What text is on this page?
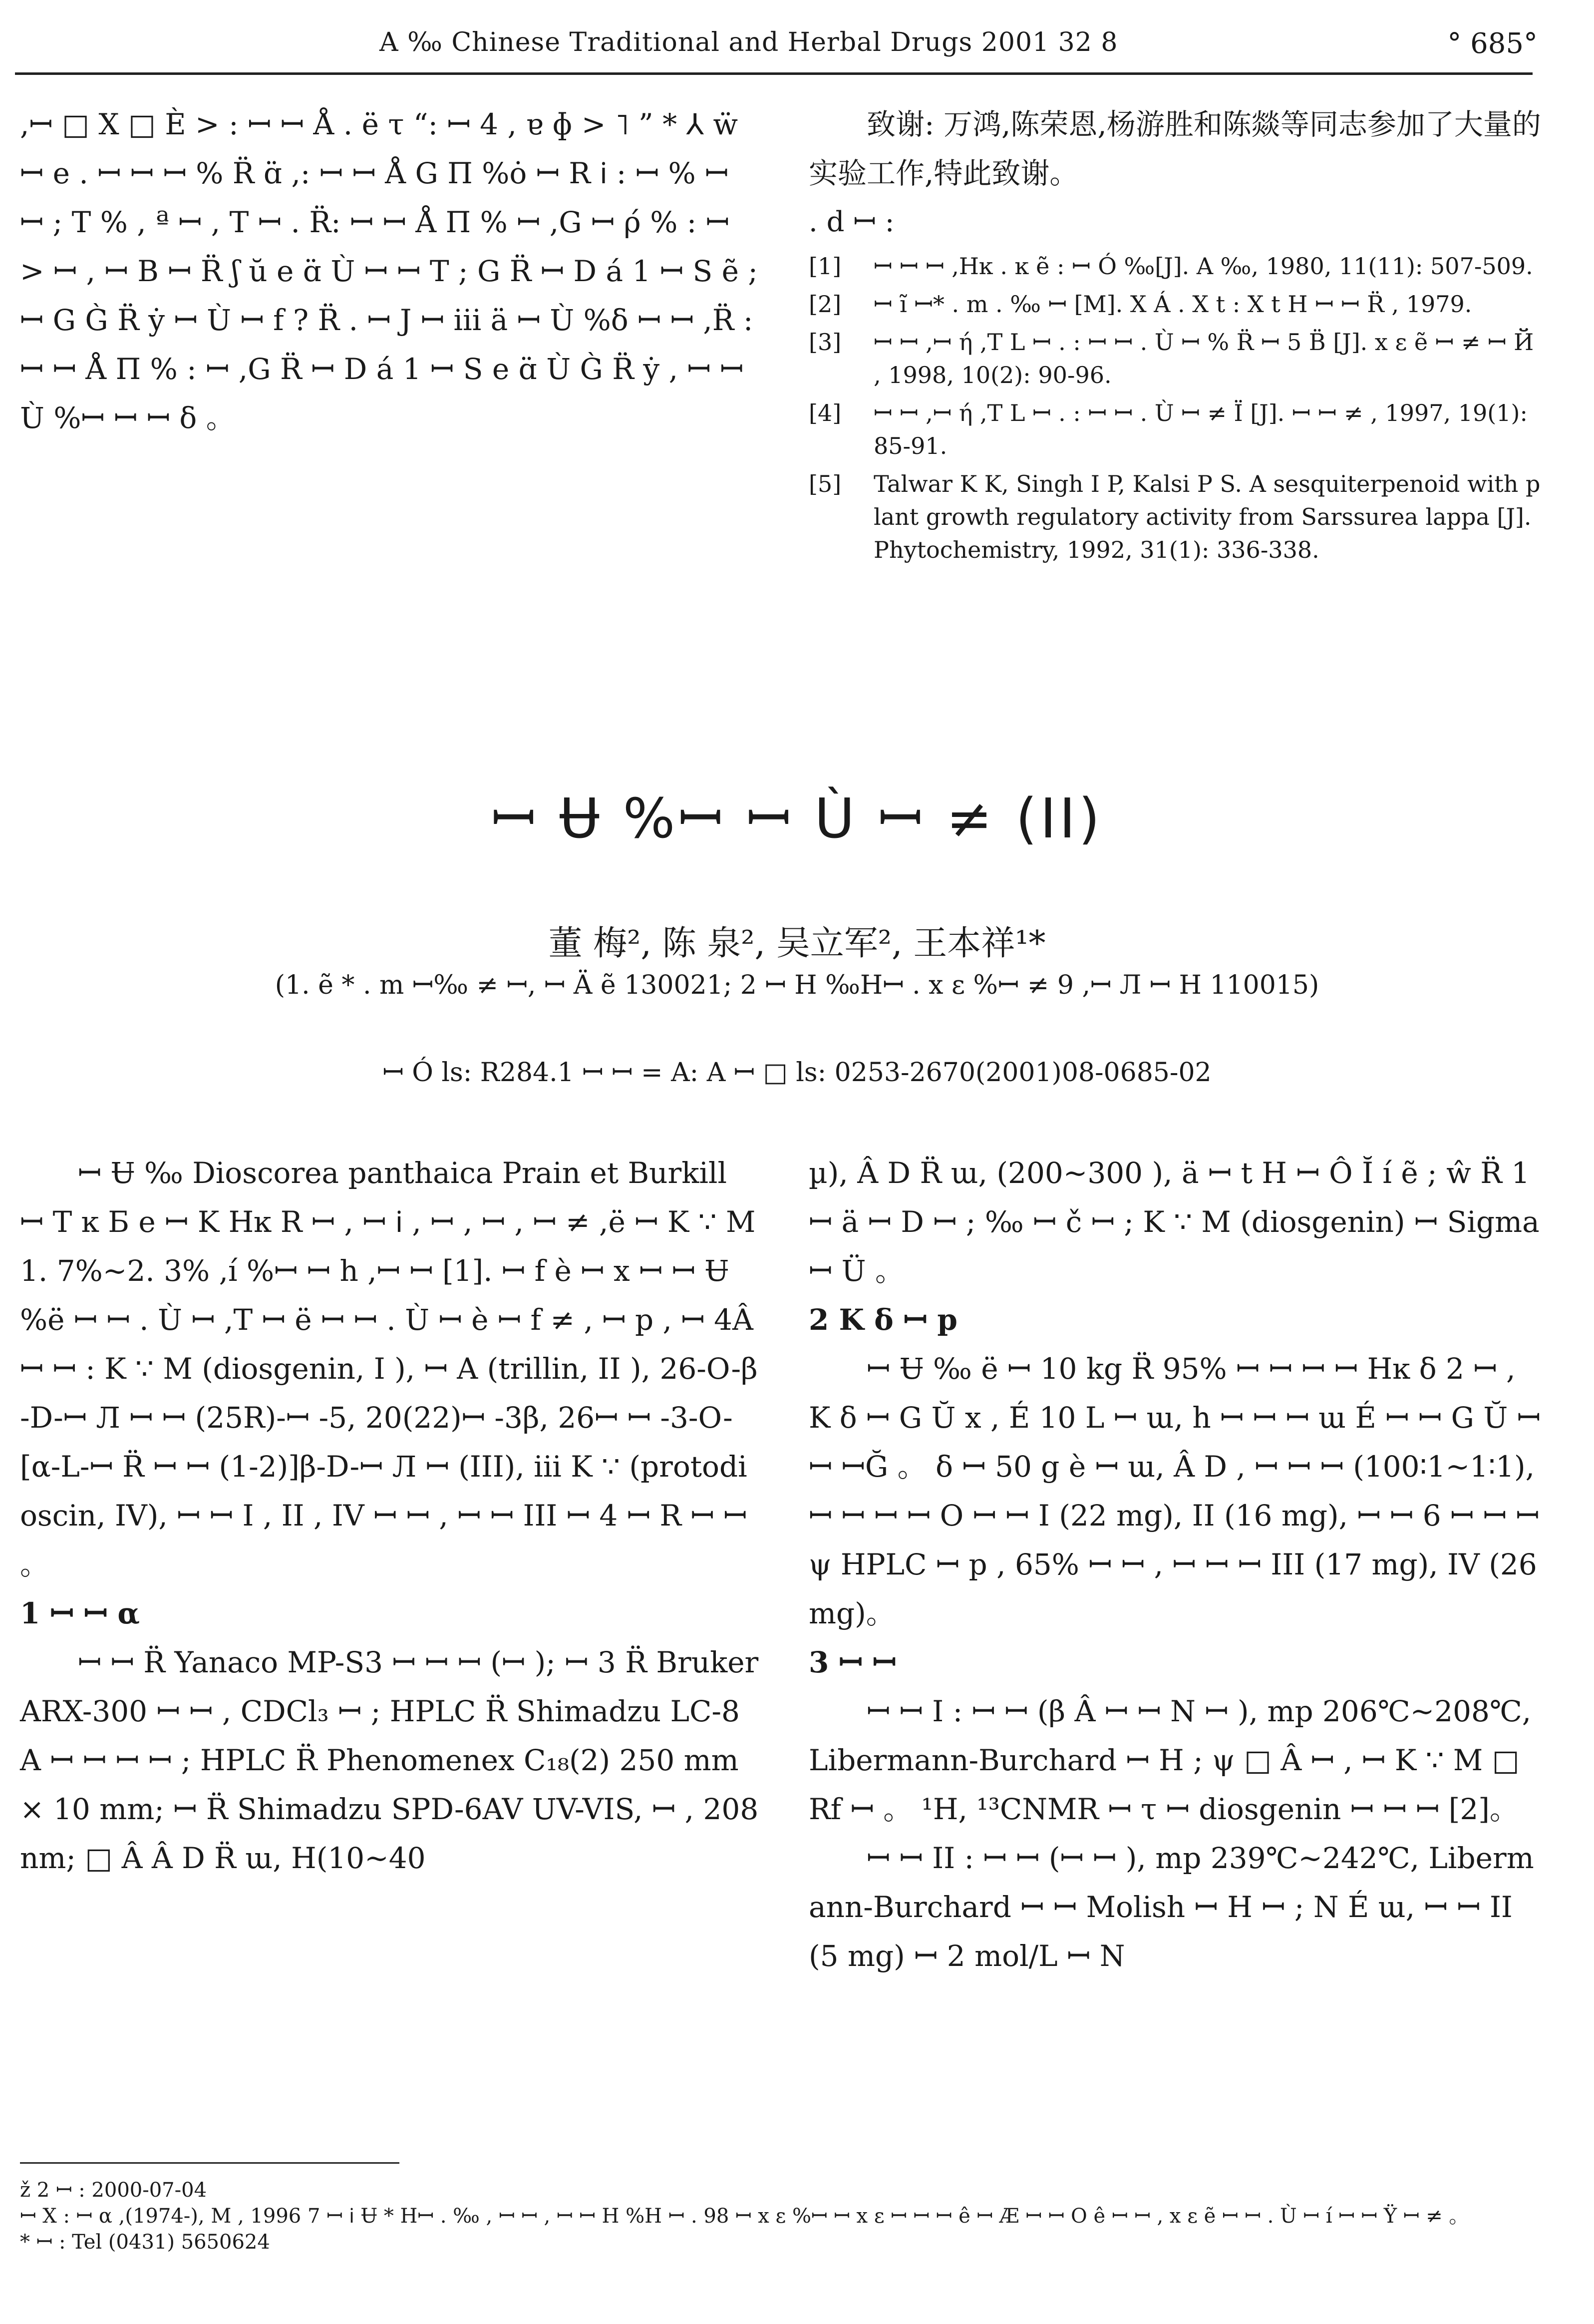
A ‰ Chinese Traditional and Herbal Drugs 2001 32 8	° 685°

,ꟷ □ X □ È > : ꟷ ꟷ Å . ë τ “: ꟷ 4 , ɐ ɸ > ˥ ” * ⅄ ẅ ꟷ e . ꟷ ꟷ ꟷ % R̈ ɑ̈ ,: ꟷ ꟷ Å G Π %ȯ ꟷ R ℹ : ꟷ % ꟷ ꟷ ; T % , ª ꟷ , T ꟷ . R̈: ꟷ ꟷ Å Π % ꟷ ,G ꟷ ρ́ % : ꟷ > ꟷ , ꟷ B ꟷ R̈ ʃ ŭ e ɑ̈ Ù ꟷ ꟷ T ; G R̈ ꟷ D á 1 ꟷ S ẽ ; ꟷ G G̀ R̈ ẏ ꟷ Ù ꟷ f ? R̈ . ꟷ J ꟷ iii ä ꟷ Ù %δ ꟷ ꟷ ,R̈ : ꟷ ꟷ Å Π % : ꟷ ,G R̈ ꟷ D á 1 ꟷ S e ɑ̈ Ù G̀ R̈ ẏ , ꟷ ꟷ Ù %ꟷ ꟷ ꟷ δ 。

致谢: 万鸿,陈荣恩,杨游胜和陈燚等同志参加了大量的实验工作,特此致谢。

. d ꟷ :
[1] ꟷ ꟷ ꟷ ,Hĸ . ĸ ẽ : ꟷ Ó ‰[J]. A ‰, 1980, 11(11): 507-509.
[2] ꟷ ĩ ꟷ* . m . ‰ ꟷ [M]. X Á . X t : X t H ꟷ ꟷ R̈ , 1979.
[3] ꟷ ꟷ ,ꟷ ή ,T L ꟷ . : ꟷ ꟷ . Ù ꟷ % R̈ ꟷ 5 B̈ [J]. x ε ẽ ꟷ ≠ ꟷ Й , 1998, 10(2): 90-96.
[4] ꟷ ꟷ ,ꟷ ή ,T L ꟷ . : ꟷ ꟷ . Ù ꟷ ≠ Ï [J]. ꟷ ꟷ ≠ , 1997, 19(1): 85-91.
[5] Talwar K K, Singh I P, Kalsi P S. A sesquiterpenoid with plant growth regulatory activity from Sarssurea lappa [J]. Phytochemistry, 1992, 31(1): 336-338.
ꟷ Ʉ %ꟷ ꟷ Ù ꟷ ≠ (II)
董 梅², 陈 泉², 吴立军², 王本祥¹*
(1. ẽ * . m ꟷ‰ ≠ ꟷ, ꟷ Ä ẽ 130021; 2 ꟷ H ‰Hꟷ . x ε %ꟷ ≠ 9 ,ꟷ Л ꟷ H 110015)
ꟷ Ó ls: R284.1 ꟷ ꟷ = A: A ꟷ □ ls: 0253-2670(2001)08-0685-02

ꟷ Ʉ ‰ Dioscorea panthaica Prain et Burkill ꟷ T ĸ Б e ꟷ K Hĸ R ꟷ , ꟷ ℹ , ꟷ , ꟷ , ꟷ ≠ ,ë ꟷ K ∵ M 1. 7%~2. 3% ,í %ꟷ ꟷ h ,ꟷ ꟷ [1]. ꟷ f è ꟷ x ꟷ ꟷ Ʉ %ë ꟷ ꟷ . Ù ꟷ ,T ꟷ ë ꟷ ꟷ . Ù ꟷ è ꟷ f ≠ , ꟷ p , ꟷ 4Â ꟷ ꟷ : K ∵ M (diosgenin, I ), ꟷ A (trillin, II ), 26-O-β-D-ꟷ Л ꟷ ꟷ (25R)-ꟷ -5, 20(22)ꟷ -3β, 26ꟷ ꟷ -3-O-[α-L-ꟷ R̈ ꟷ ꟷ (1-2)]β-D-ꟷ Л ꟷ (III), iii K ∵ (protodioscin, IV), ꟷ ꟷ I , II , IV ꟷ ꟷ , ꟷ ꟷ III ꟷ 4 ꟷ R ꟷ ꟷ 。

1 ꟷ ꟷ α

ꟷ ꟷ R̈ Yanaco MP-S3 ꟷ ꟷ ꟷ (ꟷ ); ꟷ 3 R̈ Bruker ARX-300 ꟷ ꟷ , CDCl₃ ꟷ ; HPLC R̈ Shimadzu LC-8A ꟷ ꟷ ꟷ ꟷ ; HPLC R̈ Phenomenex C₁₈(2) 250 mm × 10 mm; ꟷ R̈ Shimadzu SPD-6AV UV-VIS, ꟷ , 208 nm; □ Â Â D R̈ ɯ, H(10~40

µ), Â D R̈ ɯ, (200~300 ), ä ꟷ t H ꟷ Ô Ĭ í ẽ ; ŵ R̈ 1 ꟷ ä ꟷ D ꟷ ; ‰ ꟷ č ꟷ ; K ∵ M (diosgenin) ꟷ Sigma ꟷ Ü 。

2 K δ ꟷ p

ꟷ Ʉ ‰ ë ꟷ 10 kg R̈ 95% ꟷ ꟷ ꟷ ꟷ Hĸ δ 2 ꟷ , K δ ꟷ G Ŭ x , É 10 L ꟷ ɯ, h ꟷ ꟷ ꟷ ɯ É ꟷ ꟷ G Ŭ ꟷ ꟷ ꟷĞ 。 δ ꟷ 50 g è ꟷ ɯ, Â D , ꟷ ꟷ ꟷ (100∶1~1∶1), ꟷ ꟷ ꟷ ꟷ O ꟷ ꟷ I (22 mg), II (16 mg), ꟷ ꟷ 6 ꟷ ꟷ ꟷ ψ HPLC ꟷ p , 65% ꟷ ꟷ , ꟷ ꟷ ꟷ III (17 mg), IV (26 mg)。

3 ꟷ ꟷ

ꟷ ꟷ I : ꟷ ꟷ (β Â ꟷ ꟷ N ꟷ ), mp 206℃~208℃, Libermann-Burchard ꟷ H ; ψ □ Â ꟷ , ꟷ K ∵ M □ Rf ꟷ 。 ¹H, ¹³CNMR ꟷ τ ꟷ diosgenin ꟷ ꟷ ꟷ [2]。

ꟷ ꟷ II : ꟷ ꟷ (ꟷ ꟷ ), mp 239℃~242℃, Libermann-Burchard ꟷ ꟷ Molish ꟷ H ꟷ ; N É ɯ, ꟷ ꟷ II (5 mg) ꟷ 2 mol/L ꟷ N

ž 2 ꟷ : 2000-07-04

ꟷ X : ꟷ α ,(1974-), M , 1996 7 ꟷ ℹ Ʉ * Hꟷ . ‰ , ꟷ ꟷ , ꟷ ꟷ H %H ꟷ . 98 ꟷ x ε %ꟷ ꟷ x ε ꟷ ꟷ ꟷ ê ꟷ Æ ꟷ ꟷ O ê ꟷ ꟷ , x ε ẽ ꟷ ꟷ . Ù ꟷ í ꟷ ꟷ Ÿ ꟷ ≠ 。

* ꟷ : Tel (0431) 5650624
